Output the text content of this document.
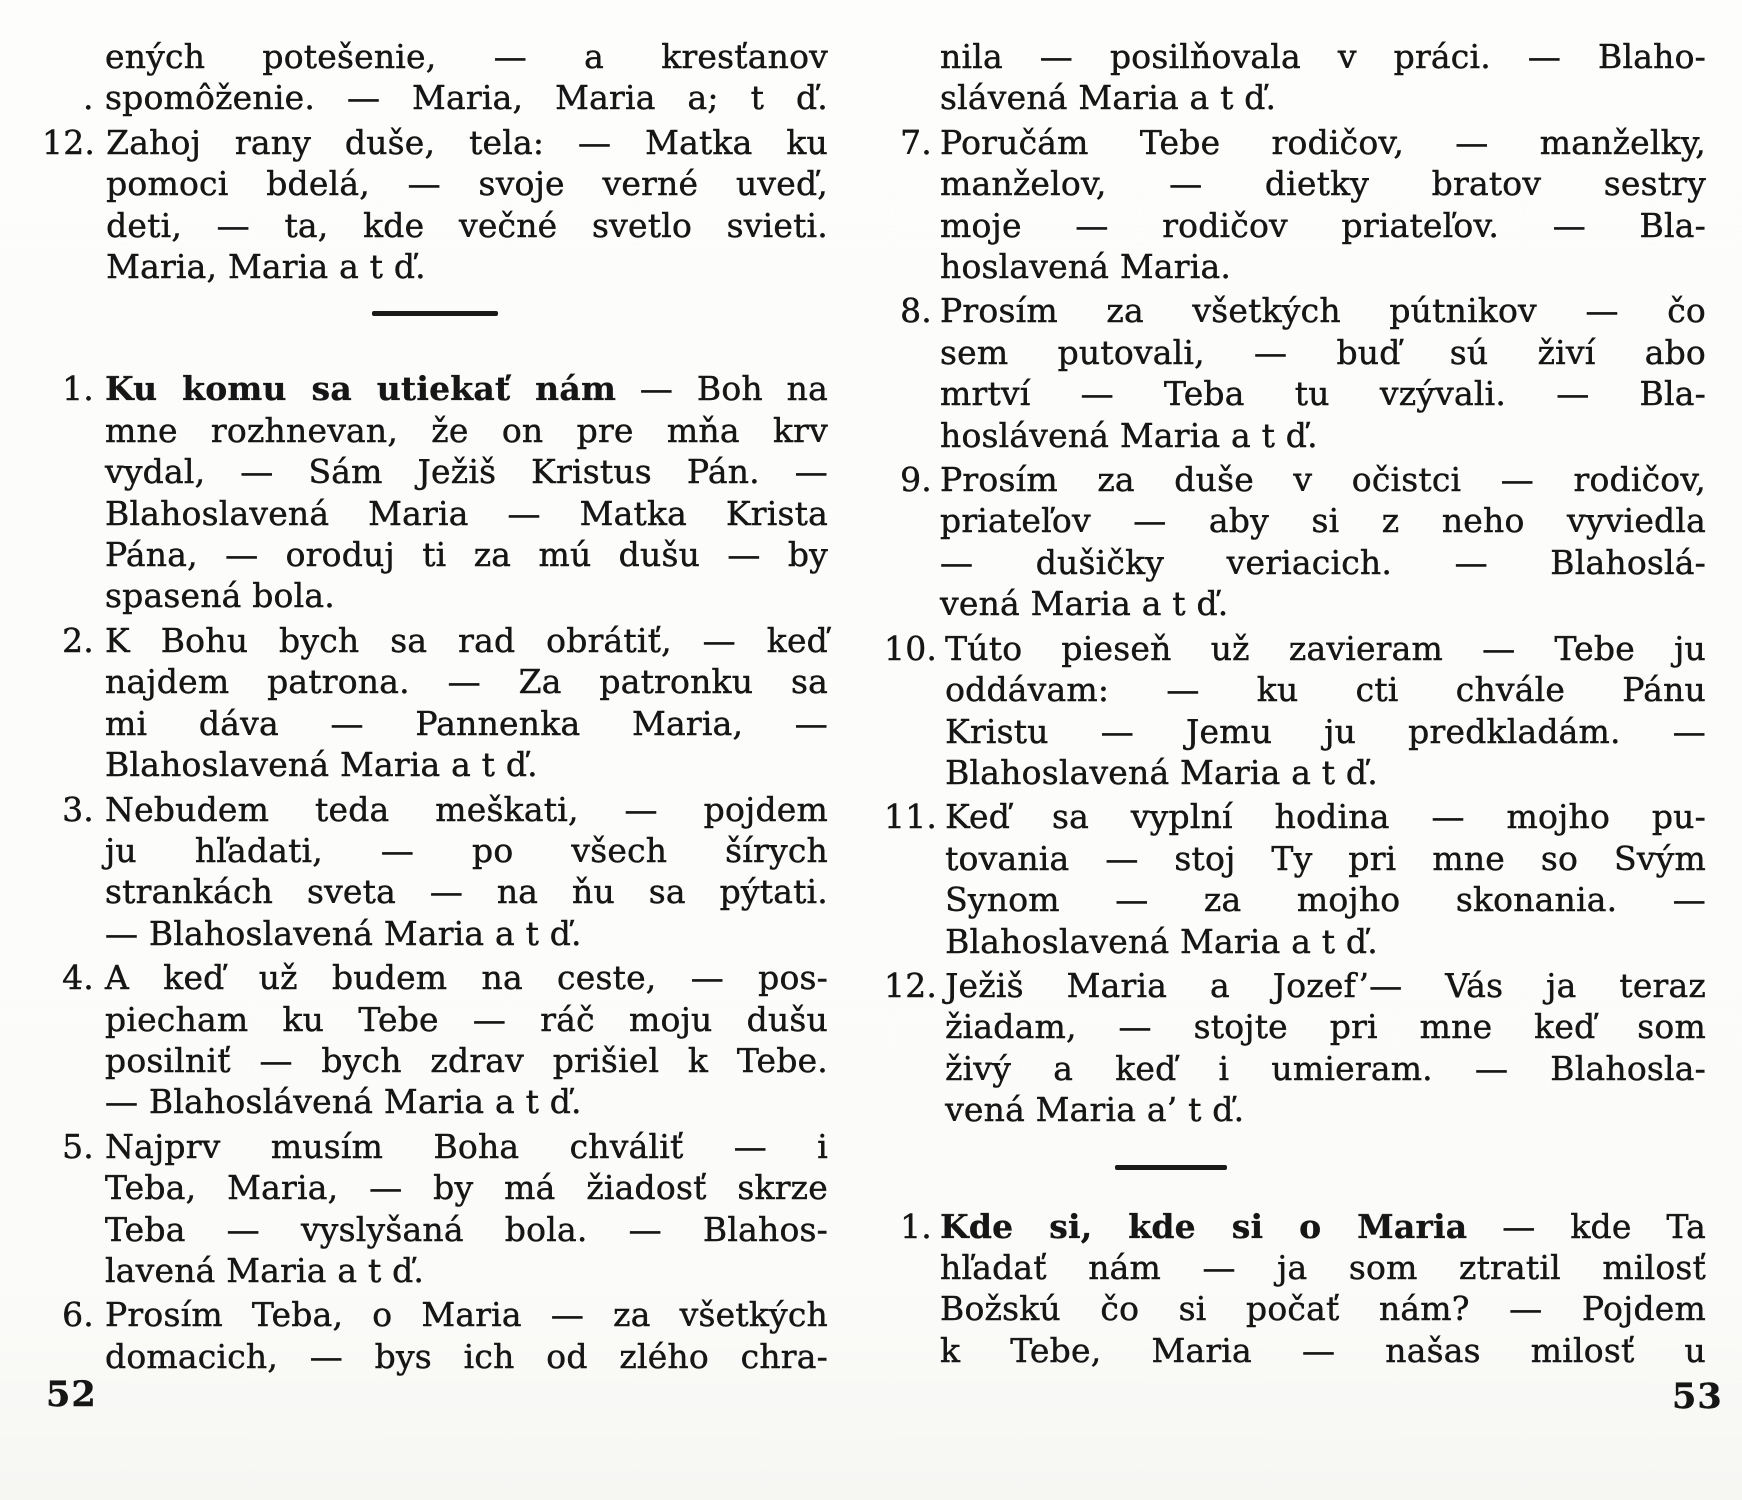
ených potešenie, — a kresťanov
. spomôženie. — Maria, Maria a; t ď.
12. Zahoj rany duše, tela: — Matka ku
pomoci bdelá, — svoje verné uveď,
deti, — ta, kde večné svetlo svieti.
Maria, Maria a t ď.
1. Ku komu sa utiekať nám — Boh na
mne rozhnevan, že on pre mňa krv
vydal, — Sám Ježiš Kristus Pán. —
Blahoslavená Maria — Matka Krista
Pána, — oroduj ti za mú dušu — by
spasená bola.
2. K Bohu bych sa rad obrátiť, — keď
najdem patrona. — Za patronku sa
mi dáva — Pannenka Maria, —
Blahoslavená Maria a t ď.
3. Nebudem teda meškati, — pojdem
ju hľadati, — po všech šírych
strankách sveta — na ňu sa pýtati.
— Blahoslavená Maria a t ď.
4. A keď už budem na ceste, — pos-
piecham ku Tebe — ráč moju dušu
posilniť — bych zdrav prišiel k Tebe.
— Blahoslávená Maria a t ď.
5. Najprv musím Boha chváliť — i
Teba, Maria, — by má žiadosť skrze
Teba — vyslyšaná bola. — Blahos-
lavená Maria a t ď.
6. Prosím Teba, o Maria — za všetkých
domacich, — bys ich od zlého chra-
nila — posilňovala v práci. — Blaho-
slávená Maria a t ď.
7. Poručám Tebe rodičov, — manželky,
manželov, — dietky bratov sestry
moje — rodičov priateľov. — Bla-
hoslavená Maria.
8. Prosím za všetkých pútnikov — čo
sem putovali, — buď sú živí abo
mrtví — Teba tu vzývali. — Bla-
hoslávená Maria a t ď.
9. Prosím za duše v očistci — rodičov,
priateľov — aby si z neho vyviedla
— dušičky veriacich. — Blahoslá-
vená Maria a t ď.
10. Túto pieseň už zavieram — Tebe ju
oddávam: — ku cti chvále Pánu
Kristu — Jemu ju predkladám. —
Blahoslavená Maria a t ď.
11. Keď sa vyplní hodina — mojho pu-
tovania — stoj Ty pri mne so Svým
Synom — za mojho skonania. —
Blahoslavená Maria a t ď.
12. Ježiš Maria a Jozef’— Vás ja teraz
žiadam, — stojte pri mne keď som
živý a keď i umieram. — Blahosla-
vená Maria a’ t ď.
1. Kde si, kde si o Maria — kde Ta
hľadať nám — ja som ztratil milosť
Božskú čo si počať nám? — Pojdem
k Tebe, Maria — našas milosť u
52	53
